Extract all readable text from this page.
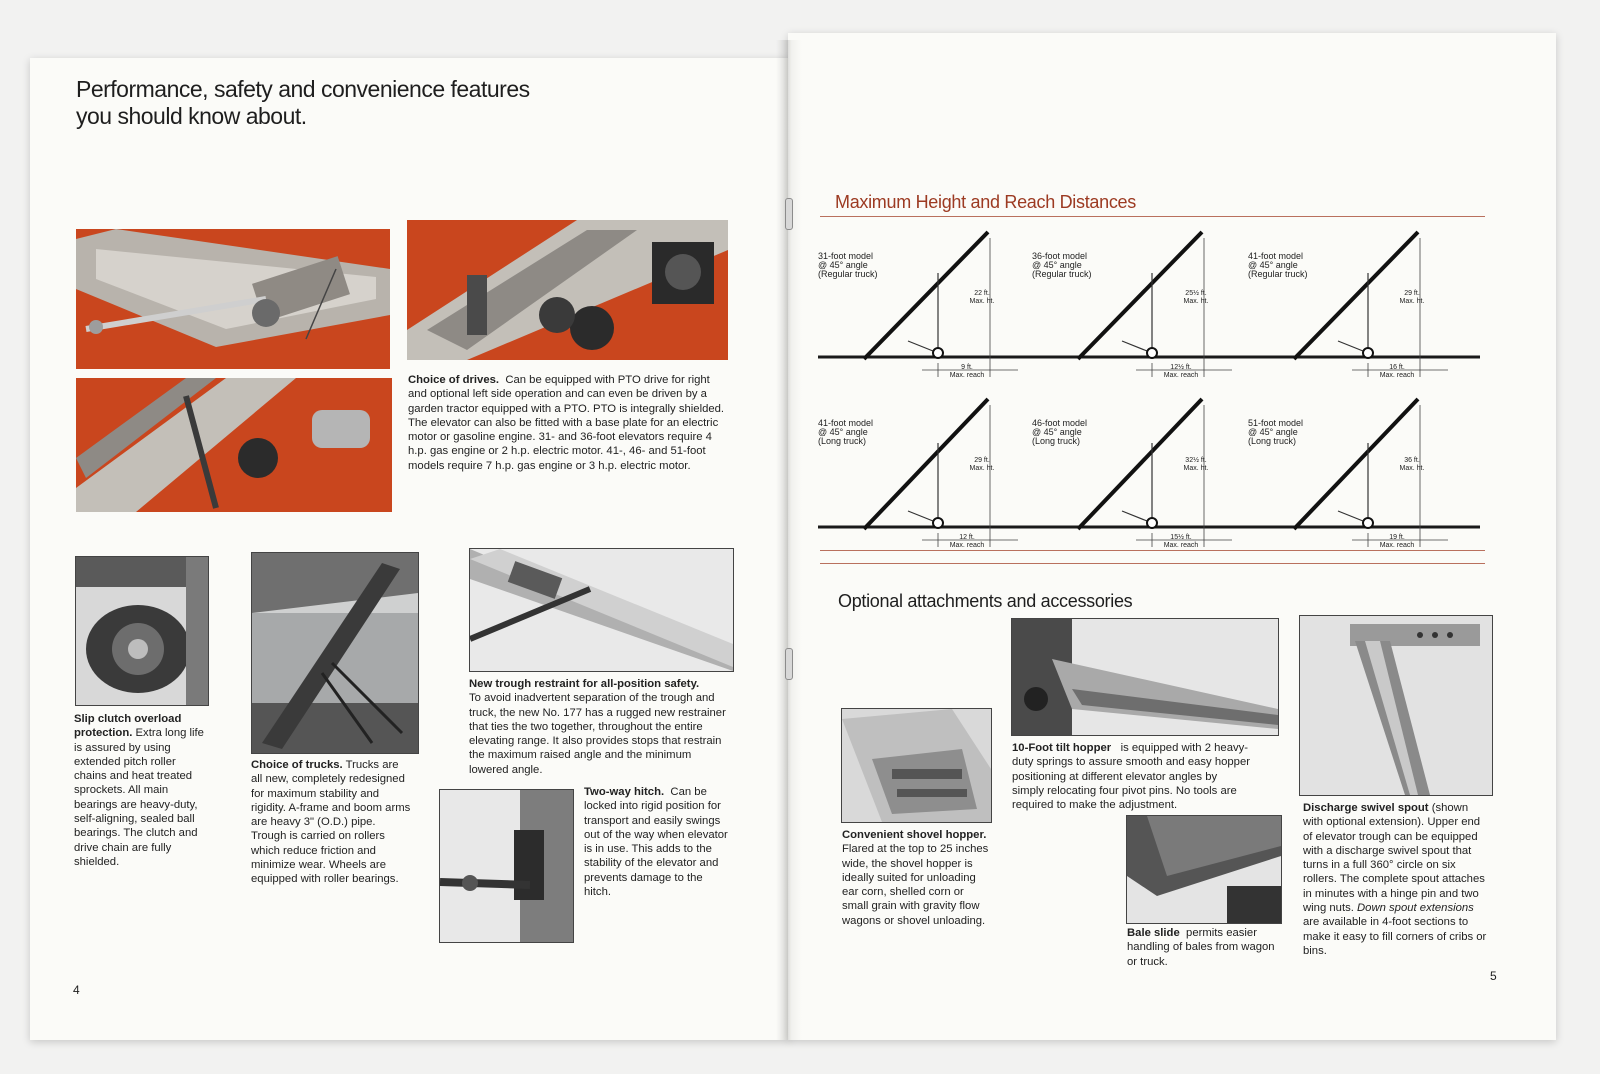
Performance, safety and convenience features
you should know about.
Choice of drives. Can be equipped with PTO drive for right and optional left side operation and can even be driven by a garden tractor equipped with a PTO. PTO is integrally shielded. The elevator can also be fitted with a base plate for an electric motor or gasoline engine. 31- and 36-foot elevators require 4 h.p. gas engine or 2 h.p. electric motor. 41-, 46- and 51-foot models require 7 h.p. gas engine or 3 h.p. electric motor.
Slip clutch overload protection. Extra long life is assured by using extended pitch roller chains and heat treated sprockets. All main bearings are heavy-duty, self-aligning, sealed ball bearings. The clutch and drive chain are fully shielded.
Choice of trucks. Trucks are all new, completely redesigned for maximum stability and rigidity. A-frame and boom arms are heavy 3" (O.D.) pipe. Trough is carried on rollers which reduce friction and minimize wear. Wheels are equipped with roller bearings.
New trough restraint for all-position safety.
To avoid inadvertent separation of the trough and truck, the new No. 177 has a rugged new restrainer that ties the two together, throughout the entire elevating range. It also provides stops that restrain the maximum raised angle and the minimum lowered angle.
Two-way hitch. Can be locked into rigid position for transport and easily swings out of the way when elevator is in use. This adds to the stability of the elevator and prevents damage to the hitch.
4
Maximum Height and Reach Distances
22 ft.
Max. ht.
9 ft.
Max. reach
31-foot model
@ 45° angle
(Regular truck)
25½ ft.
Max. ht.
12½ ft.
Max. reach
36-foot model
@ 45° angle
(Regular truck)
29 ft.
Max. ht.
16 ft.
Max. reach
41-foot model
@ 45° angle
(Regular truck)
29 ft.
Max. ht.
12 ft.
Max. reach
41-foot model
@ 45° angle
(Long truck)
32½ ft.
Max. ht.
15½ ft.
Max. reach
46-foot model
@ 45° angle
(Long truck)
36 ft.
Max. ht.
19 ft.
Max. reach
51-foot model
@ 45° angle
(Long truck)
Optional attachments and accessories
10-Foot tilt hopper is equipped with 2 heavy-duty springs to assure smooth and easy hopper positioning at different elevator angles by simply relocating four pivot pins. No tools are required to make the adjustment.
Convenient shovel hopper. Flared at the top to 25 inches wide, the shovel hopper is ideally suited for unloading ear corn, shelled corn or small grain with gravity flow wagons or shovel unloading.
Bale slide permits easier handling of bales from wagon or truck.
Discharge swivel spout (shown with optional extension). Upper end of elevator trough can be equipped with a discharge swivel spout that turns in a full 360° circle on six rollers. The complete spout attaches in minutes with a hinge pin and two wing nuts. Down spout extensions are available in 4-foot sections to make it easy to fill corners of cribs or bins.
5
